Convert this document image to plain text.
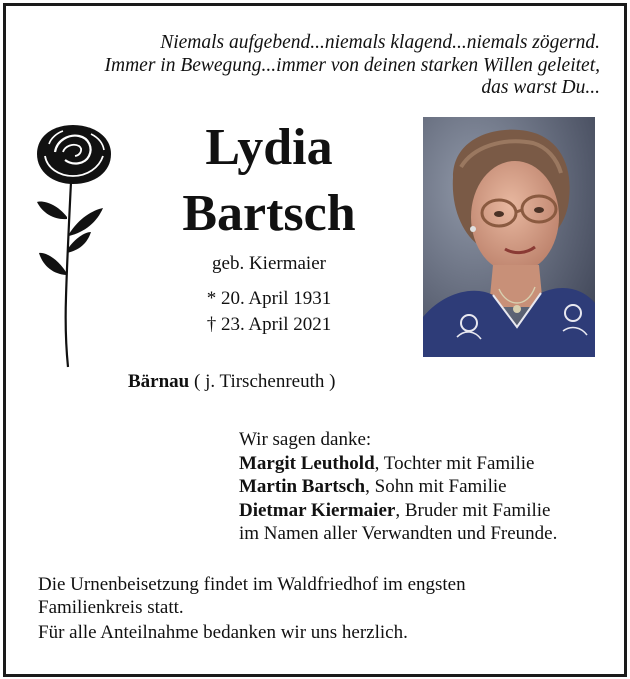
Niemals aufgebend...niemals klagend...niemals zögernd.
Immer in Bewegung...immer von deinen starken Willen geleitet,
das warst Du...
Lydia
Bartsch
geb. Kiermaier
* 20. April 1931
† 23. April 2021
Bärnau ( j. Tirschenreuth )
Wir sagen danke:
Margit Leuthold, Tochter mit Familie
Martin Bartsch, Sohn mit Familie
Dietmar Kiermaier, Bruder mit Familie
im Namen aller Verwandten und Freunde.
Die Urnenbeisetzung findet im Waldfriedhof im engsten
Familienkreis statt.
Für alle Anteilnahme bedanken wir uns herzlich.
